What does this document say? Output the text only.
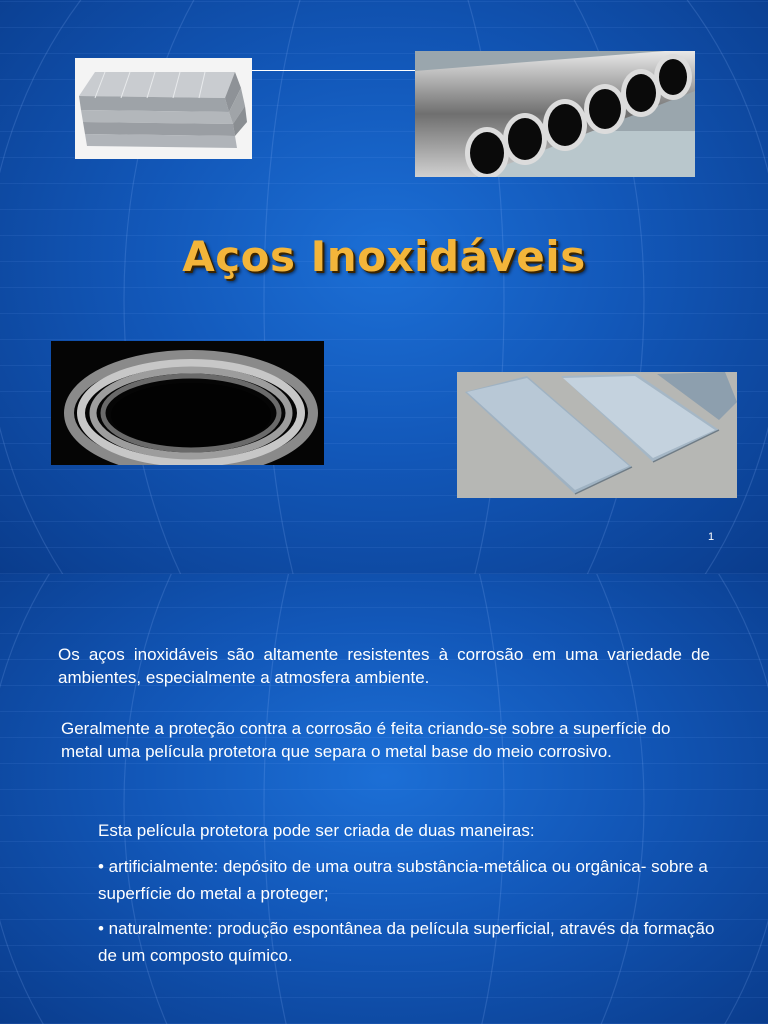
Aços Inoxidáveis
1
Os aços inoxidáveis são altamente resistentes à corrosão em uma variedade de ambientes, especialmente a atmosfera ambiente.
Geralmente a proteção contra a corrosão é feita criando-se sobre a superfície do metal uma película protetora que separa o metal base do meio corrosivo.
Esta película protetora pode ser criada de duas maneiras:
• artificialmente: depósito de uma outra substância-metálica ou orgânica- sobre a superfície do metal a proteger;
• naturalmente: produção espontânea da película superficial, através da formação de um composto químico.
